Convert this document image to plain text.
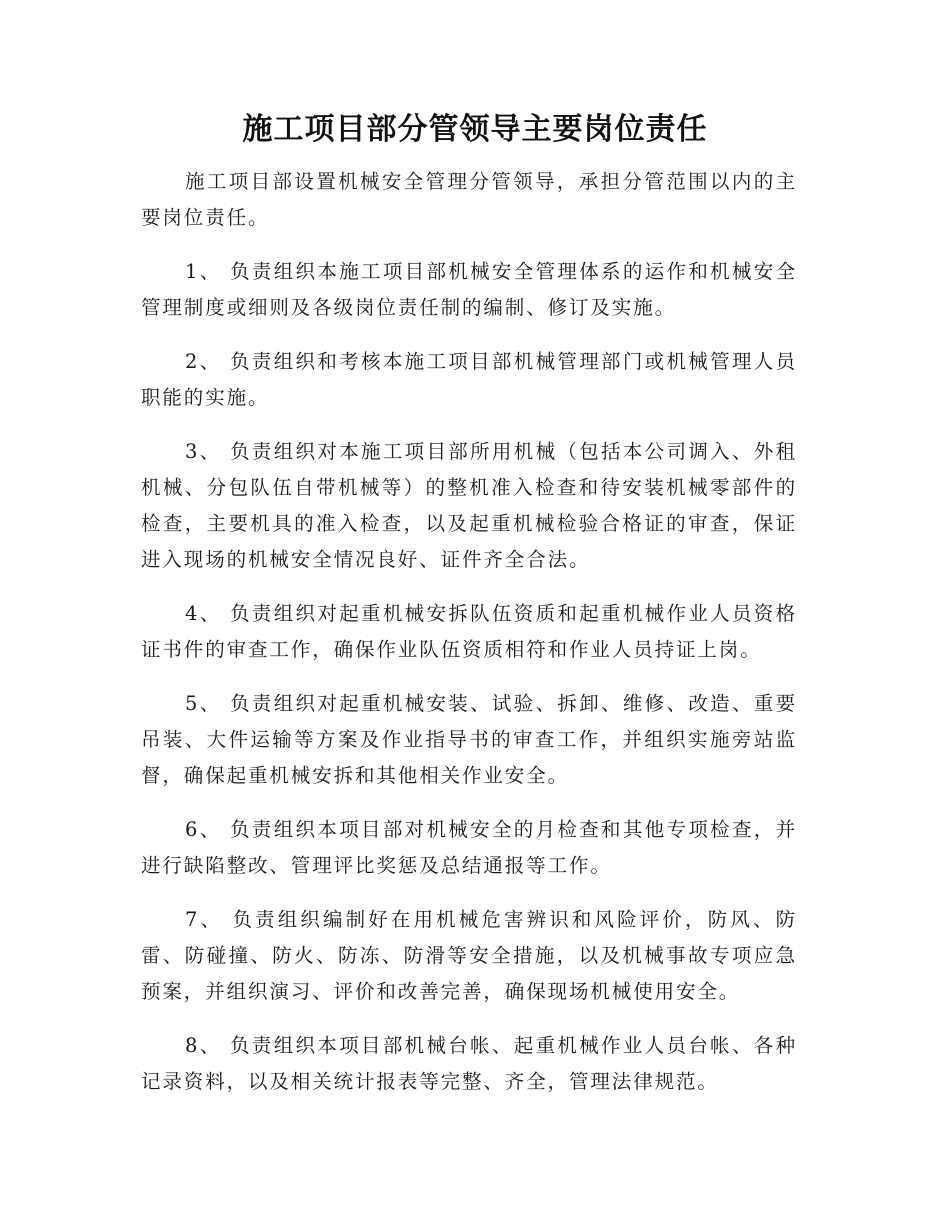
施工项目部分管领导主要岗位责任

施工项目部设置机械安全管理分管领导，承担分管范围以内的主要岗位责任。

1、 负责组织本施工项目部机械安全管理体系的运作和机械安全管理制度或细则及各级岗位责任制的编制、修订及实施。

2、 负责组织和考核本施工项目部机械管理部门或机械管理人员职能的实施。

3、 负责组织对本施工项目部所用机械（包括本公司调入、外租机械、分包队伍自带机械等）的整机准入检查和待安装机械零部件的检查，主要机具的准入检查，以及起重机械检验合格证的审查，保证进入现场的机械安全情况良好、证件齐全合法。

4、 负责组织对起重机械安拆队伍资质和起重机械作业人员资格证书件的审查工作，确保作业队伍资质相符和作业人员持证上岗。

5、 负责组织对起重机械安装、试验、拆卸、维修、改造、重要吊装、大件运输等方案及作业指导书的审查工作，并组织实施旁站监督，确保起重机械安拆和其他相关作业安全。

6、 负责组织本项目部对机械安全的月检查和其他专项检查，并进行缺陷整改、管理评比奖惩及总结通报等工作。

7、 负责组织编制好在用机械危害辨识和风险评价，防风、防雷、防碰撞、防火、防冻、防滑等安全措施，以及机械事故专项应急预案，并组织演习、评价和改善完善，确保现场机械使用安全。

8、 负责组织本项目部机械台帐、起重机械作业人员台帐、各种记录资料，以及相关统计报表等完整、齐全，管理法律规范。
